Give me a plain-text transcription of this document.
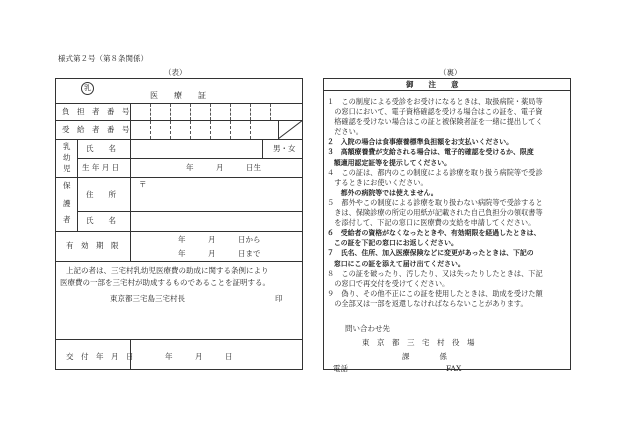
様式第２号（第８条関係）
（表）	（裏）
乳
医　　療　　証
負　担　者　番　号
受　給　者　番　号
乳
幼
児
氏　　名	男・女
生 年 月 日	年　　　月　　　日生
保
護
者
〒
住　　所
氏　　名
有　効　期　限
年　　　月　　　日から
年　　　月　　　日まで
上記の者は、三宅村乳幼児医療費の助成に関する条例により
医療費の一部を三宅村が助成するものであることを証明する。
東京都三宅島三宅村長	印
交　付　年　月　日	年　　　月　　　日
御　　注　　意

１　この制度による受診をお受けになるときは、取扱病院・薬局等

　の窓口において、電子資格確認を受ける場合はこの証を、電子資

　格確認を受けない場合はこの証と被保険者証を一緒に提出してく

　ださい。

２　入院の場合は食事療養標準負担額をお支払いください。

３　高額療養費が支給される場合は、電子的確認を受けるか、限度

　額適用認定証等を提示してください。

４　この証は、都内のこの制度による診療を取り扱う病院等で受診

　するときにお使いください。

　　都外の病院等では使えません。

５　都外やこの制度による診療を取り扱わない病院等で受診すると

　きは、保険診療の所定の用紙が記載された自己負担分の領収書等

　を添付して、下記の窓口に医療費の支給を申請してください。

６　受給者の資格がなくなったときや、有効期限を経過したときは、

　この証を下記の窓口にお返しください。

７　氏名、住所、加入医療保険などに変更があったときは、下記の

　窓口にこの証を添えて届け出てください。

８　この証を破ったり、汚したり、又は失ったりしたときは、下記

　の窓口で再交付を受けてください。

９　偽り、その他不正にこの証を使用したときは、助成を受けた額

　の全部又は一部を返還しなければならないことがあります。

問い合わせ先
東　京　都　三　宅　村　役　場
課　　　　係
電話	FAX
